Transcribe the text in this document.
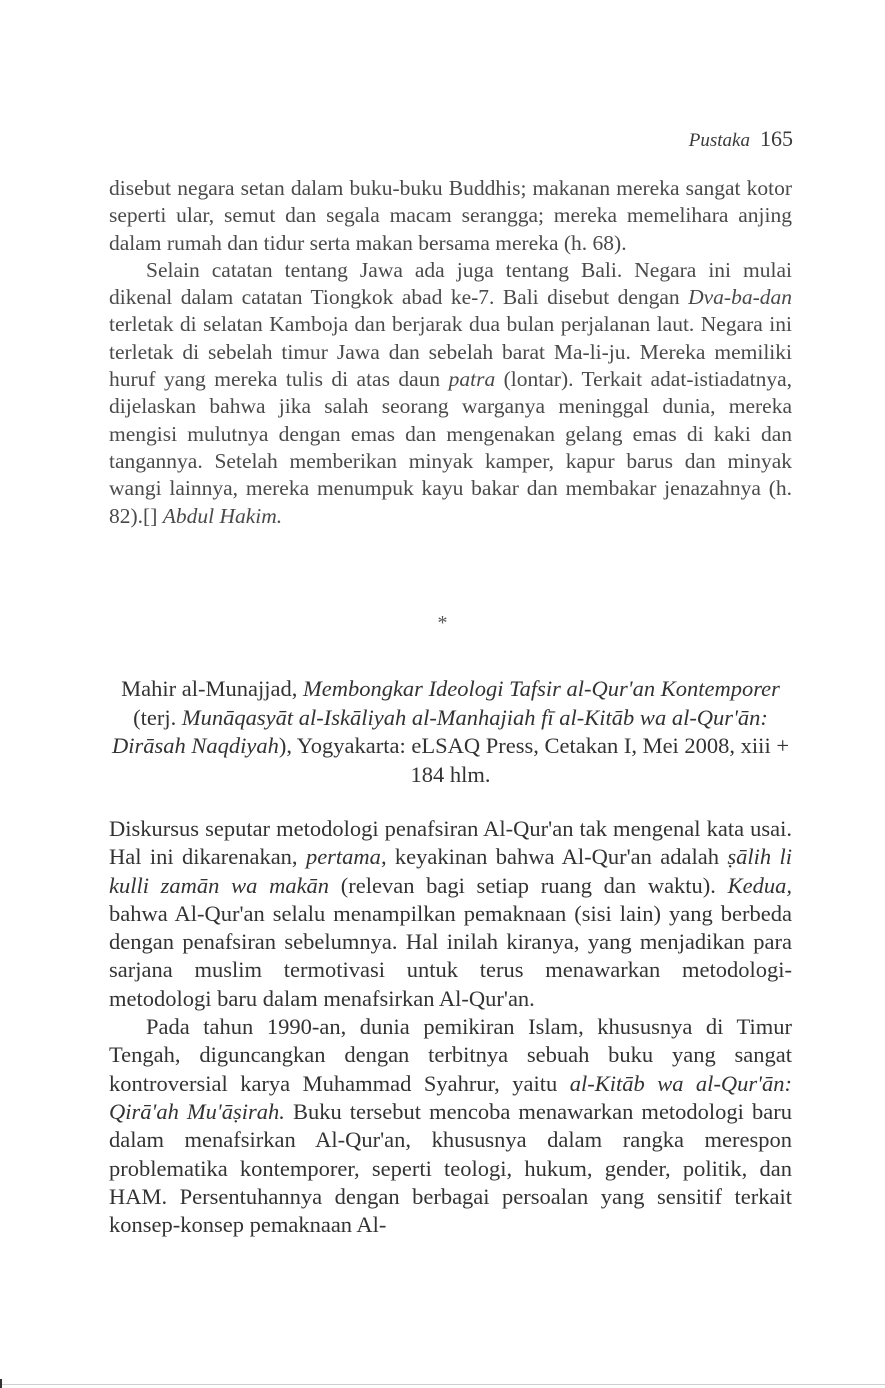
Pustaka 165

disebut negara setan dalam buku-buku Buddhis; makanan mereka sangat kotor seperti ular, semut dan segala macam serangga; mereka memelihara anjing dalam rumah dan tidur serta makan bersama mereka (h. 68).

Selain catatan tentang Jawa ada juga tentang Bali. Negara ini mulai dikenal dalam catatan Tiongkok abad ke-7. Bali disebut dengan Dva-ba-dan terletak di selatan Kamboja dan berjarak dua bulan perjalanan laut. Negara ini terletak di sebelah timur Jawa dan sebelah barat Ma-li-ju. Mereka memiliki huruf yang mereka tulis di atas daun patra (lontar). Terkait adat-istiadatnya, dijelaskan bahwa jika salah seorang warganya meninggal dunia, mereka mengisi mulutnya dengan emas dan mengenakan gelang emas di kaki dan tangannya. Setelah memberikan minyak kamper, kapur barus dan minyak wangi lainnya, mereka menumpuk kayu bakar dan membakar jenazahnya (h. 82).[] Abdul Hakim.

*
Mahir al-Munajjad, Membongkar Ideologi Tafsir al-Qur'an Kontemporer (terj. Munāqasyāt al-Iskāliyah al-Manhajiah fī al-Kitāb wa al-Qur'ān: Dirāsah Naqdiyah), Yogyakarta: eLSAQ Press, Cetakan I, Mei 2008, xiii + 184 hlm.

Diskursus seputar metodologi penafsiran Al-Qur'an tak mengenal kata usai. Hal ini dikarenakan, pertama, keyakinan bahwa Al-Qur'an adalah ṣālih li kulli zamān wa makān (relevan bagi setiap ruang dan waktu). Kedua, bahwa Al-Qur'an selalu menampilkan pemaknaan (sisi lain) yang berbeda dengan penafsiran sebelumnya. Hal inilah kiranya, yang menjadikan para sarjana muslim termotivasi untuk terus menawarkan metodologi-metodologi baru dalam menafsirkan Al-Qur'an.

Pada tahun 1990-an, dunia pemikiran Islam, khususnya di Timur Tengah, diguncangkan dengan terbitnya sebuah buku yang sangat kontroversial karya Muhammad Syahrur, yaitu al-Kitāb wa al-Qur'ān: Qirā'ah Mu'āṣirah. Buku tersebut mencoba menawarkan metodologi baru dalam menafsirkan Al-Qur'an, khususnya dalam rangka merespon problematika kontemporer, seperti teologi, hukum, gender, politik, dan HAM. Persentuhannya dengan berbagai persoalan yang sensitif terkait konsep-konsep pemaknaan Al-
